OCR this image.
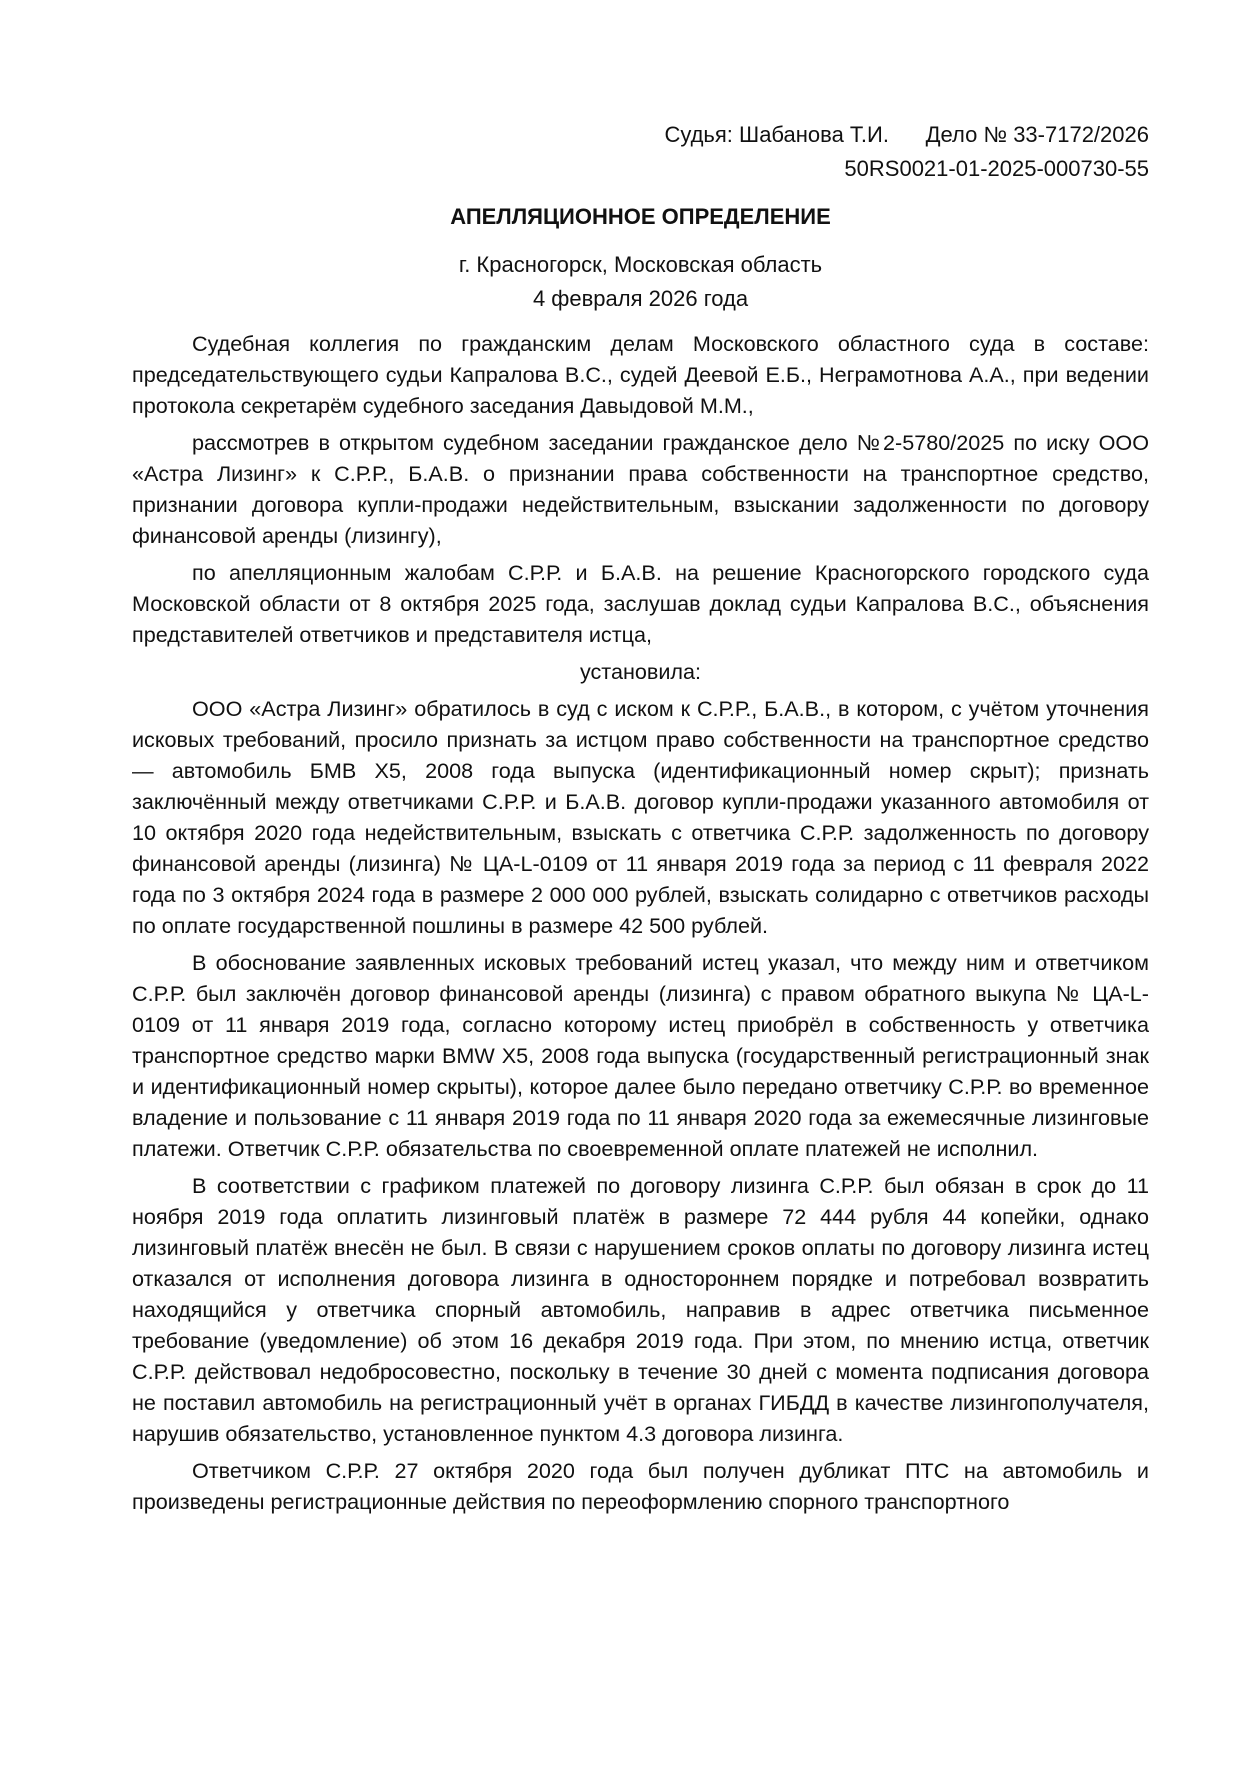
Судья: Шабанова Т.И.      Дело № 33-7172/2026
50RS0021-01-2025-000730-55
АПЕЛЛЯЦИОННОЕ ОПРЕДЕЛЕНИЕ
г. Красногорск, Московская область
4 февраля 2026 года

Судебная коллегия по гражданским делам Московского областного суда в составе: председательствующего судьи Капралова В.С., судей Деевой Е.Б., Неграмотнова А.А., при ведении протокола секретарём судебного заседания Давыдовой М.М.,

рассмотрев в открытом судебном заседании гражданское дело №2-5780/2025 по иску ООО «Астра Лизинг» к С.Р.Р., Б.А.В. о признании права собственности на транспортное средство, признании договора купли-продажи недействительным, взыскании задолженности по договору финансовой аренды (лизингу),

по апелляционным жалобам С.Р.Р. и Б.А.В. на решение Красногорского городского суда Московской области от 8 октября 2025 года, заслушав доклад судьи Капралова В.С., объяснения представителей ответчиков и представителя истца,

установила:

ООО «Астра Лизинг» обратилось в суд с иском к С.Р.Р., Б.А.В., в котором, с учётом уточнения исковых требований, просило признать за истцом право собственности на транспортное средство — автомобиль БМВ X5, 2008 года выпуска (идентификационный номер скрыт); признать заключённый между ответчиками С.Р.Р. и Б.А.В. договор купли-продажи указанного автомобиля от 10 октября 2020 года недействительным, взыскать с ответчика С.Р.Р. задолженность по договору финансовой аренды (лизинга) № ЦА-L-0109 от 11 января 2019 года за период с 11 февраля 2022 года по 3 октября 2024 года в размере 2 000 000 рублей, взыскать солидарно с ответчиков расходы по оплате государственной пошлины в размере 42 500 рублей.

В обоснование заявленных исковых требований истец указал, что между ним и ответчиком С.Р.Р. был заключён договор финансовой аренды (лизинга) с правом обратного выкупа № ЦА-L-0109 от 11 января 2019 года, согласно которому истец приобрёл в собственность у ответчика транспортное средство марки BMW X5, 2008 года выпуска (государственный регистрационный знак и идентификационный номер скрыты), которое далее было передано ответчику С.Р.Р. во временное владение и пользование с 11 января 2019 года по 11 января 2020 года за ежемесячные лизинговые платежи. Ответчик С.Р.Р. обязательства по своевременной оплате платежей не исполнил.

В соответствии с графиком платежей по договору лизинга С.Р.Р. был обязан в срок до 11 ноября 2019 года оплатить лизинговый платёж в размере 72 444 рубля 44 копейки, однако лизинговый платёж внесён не был. В связи с нарушением сроков оплаты по договору лизинга истец отказался от исполнения договора лизинга в одностороннем порядке и потребовал возвратить находящийся у ответчика спорный автомобиль, направив в адрес ответчика письменное требование (уведомление) об этом 16 декабря 2019 года. При этом, по мнению истца, ответчик С.Р.Р. действовал недобросовестно, поскольку в течение 30 дней с момента подписания договора не поставил автомобиль на регистрационный учёт в органах ГИБДД в качестве лизингополучателя, нарушив обязательство, установленное пунктом 4.3 договора лизинга.

Ответчиком С.Р.Р. 27 октября 2020 года был получен дубликат ПТС на автомобиль и произведены регистрационные действия по переоформлению спорного транспортного
